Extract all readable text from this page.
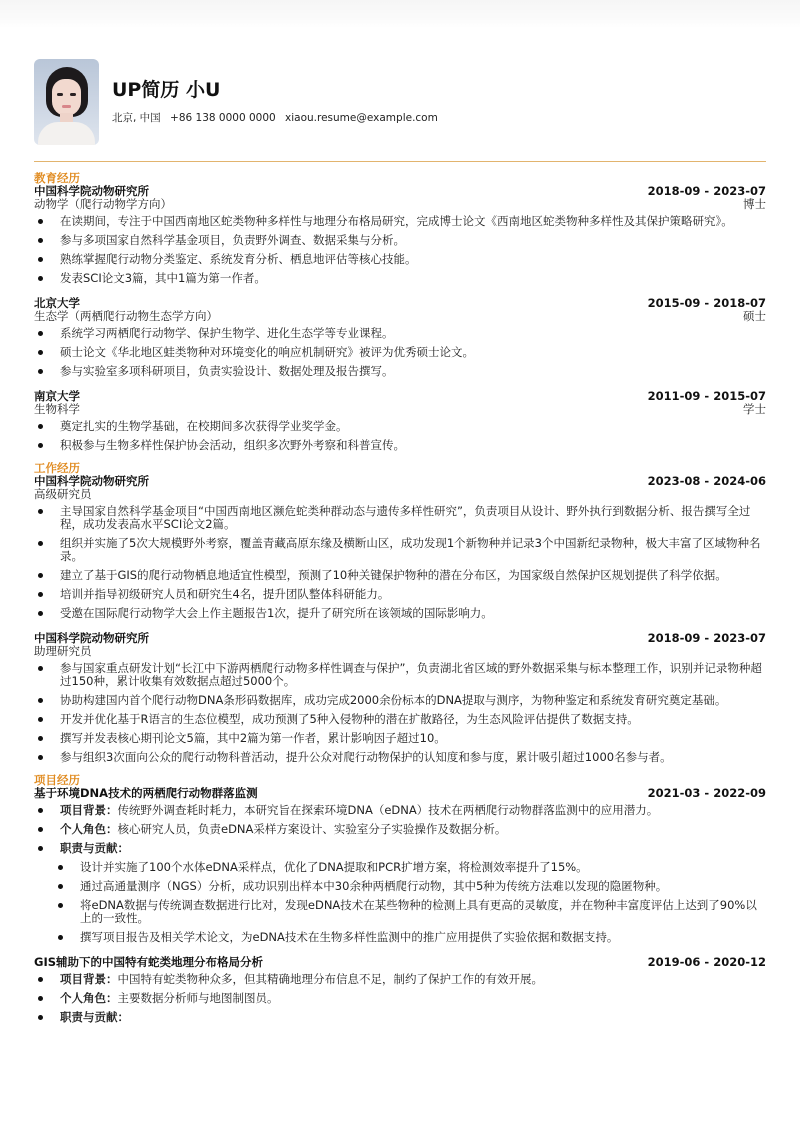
UP简历 小U
北京, 中国 +86 138 0000 0000 xiaou.resume@example.com
教育经历
中国科学院动物研究所	2018-09 - 2023-07
动物学（爬行动物学方向）	博士
在读期间，专注于中国西南地区蛇类物种多样性与地理分布格局研究，完成博士论文《西南地区蛇类物种多样性及其保护策略研究》。
参与多项国家自然科学基金项目，负责野外调查、数据采集与分析。
熟练掌握爬行动物分类鉴定、系统发育分析、栖息地评估等核心技能。
发表SCI论文3篇，其中1篇为第一作者。
北京大学	2015-09 - 2018-07
生态学（两栖爬行动物生态学方向）	硕士
系统学习两栖爬行动物学、保护生物学、进化生态学等专业课程。
硕士论文《华北地区蛙类物种对环境变化的响应机制研究》被评为优秀硕士论文。
参与实验室多项科研项目，负责实验设计、数据处理及报告撰写。
南京大学	2011-09 - 2015-07
生物科学	学士
奠定扎实的生物学基础，在校期间多次获得学业奖学金。
积极参与生物多样性保护协会活动，组织多次野外考察和科普宣传。
工作经历
中国科学院动物研究所	2023-08 - 2024-06
高级研究员
主导国家自然科学基金项目“中国西南地区濒危蛇类种群动态与遗传多样性研究”，负责项目从设计、野外执行到数据分析、报告撰写全过程，成功发表高水平SCI论文2篇。
组织并实施了5次大规模野外考察，覆盖青藏高原东缘及横断山区，成功发现1个新物种并记录3个中国新纪录物种，极大丰富了区域物种名录。
建立了基于GIS的爬行动物栖息地适宜性模型，预测了10种关键保护物种的潜在分布区，为国家级自然保护区规划提供了科学依据。
培训并指导初级研究人员和研究生4名，提升团队整体科研能力。
受邀在国际爬行动物学大会上作主题报告1次，提升了研究所在该领域的国际影响力。
中国科学院动物研究所	2018-09 - 2023-07
助理研究员
参与国家重点研发计划“长江中下游两栖爬行动物多样性调查与保护”，负责湖北省区域的野外数据采集与标本整理工作，识别并记录物种超过150种，累计收集有效数据点超过5000个。
协助构建国内首个爬行动物DNA条形码数据库，成功完成2000余份标本的DNA提取与测序，为物种鉴定和系统发育研究奠定基础。
开发并优化基于R语言的生态位模型，成功预测了5种入侵物种的潜在扩散路径，为生态风险评估提供了数据支持。
撰写并发表核心期刊论文5篇，其中2篇为第一作者，累计影响因子超过10。
参与组织3次面向公众的爬行动物科普活动，提升公众对爬行动物保护的认知度和参与度，累计吸引超过1000名参与者。
项目经历
基于环境DNA技术的两栖爬行动物群落监测	2021-03 - 2022-09
项目背景：传统野外调查耗时耗力，本研究旨在探索环境DNA（eDNA）技术在两栖爬行动物群落监测中的应用潜力。
个人角色：核心研究人员，负责eDNA采样方案设计、实验室分子实验操作及数据分析。
职责与贡献：
设计并实施了100个水体eDNA采样点，优化了DNA提取和PCR扩增方案，将检测效率提升了15%。
通过高通量测序（NGS）分析，成功识别出样本中30余种两栖爬行动物，其中5种为传统方法难以发现的隐匿物种。
将eDNA数据与传统调查数据进行比对，发现eDNA技术在某些物种的检测上具有更高的灵敏度，并在物种丰富度评估上达到了90%以上的一致性。
撰写项目报告及相关学术论文，为eDNA技术在生物多样性监测中的推广应用提供了实验依据和数据支持。
GIS辅助下的中国特有蛇类地理分布格局分析	2019-06 - 2020-12
项目背景：中国特有蛇类物种众多，但其精确地理分布信息不足，制约了保护工作的有效开展。
个人角色：主要数据分析师与地图制图员。
职责与贡献：
